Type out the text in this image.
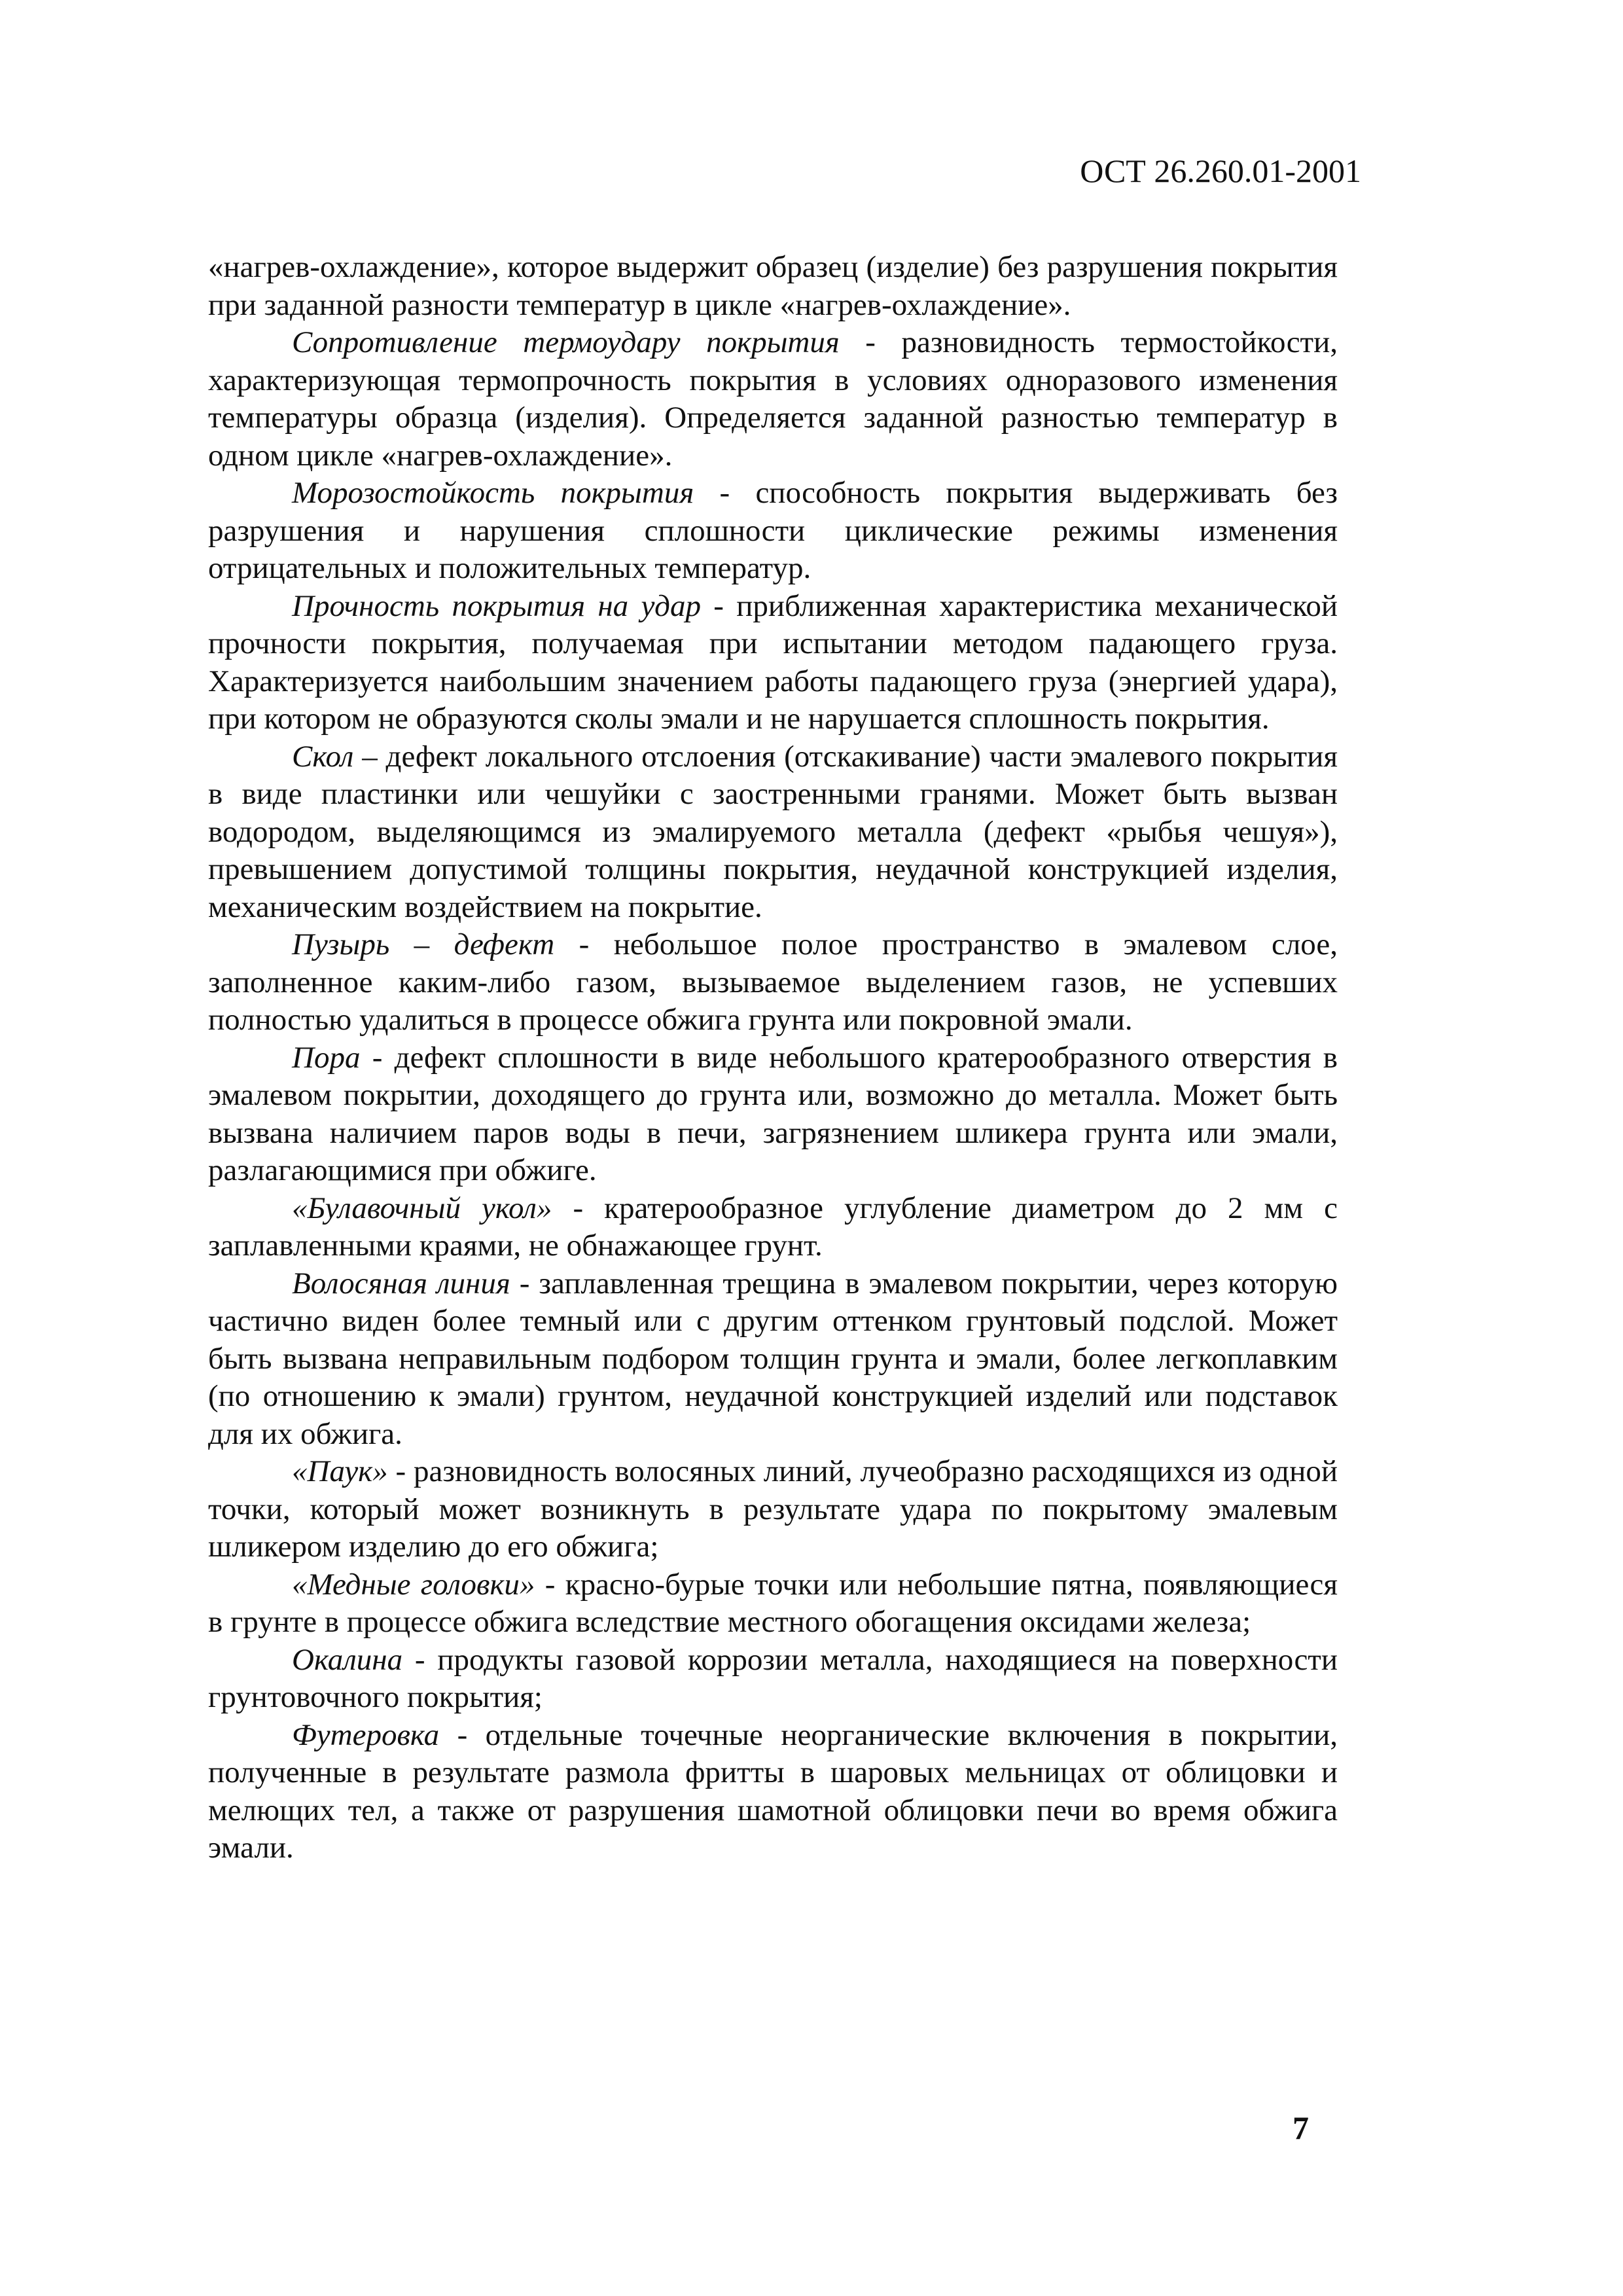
ОСТ 26.260.01-2001

«нагрев-охлаждение», которое выдержит образец (изделие) без разрушения покрытия при заданной разности температур в цикле «нагрев-охлаждение».

Сопротивление термоудару покрытия - разновидность термостойкости, характеризующая термопрочность покрытия в условиях одноразового изменения температуры образца (изделия). Определяется заданной разностью температур в одном цикле «нагрев-охлаждение».

Морозостойкость покрытия - способность покрытия выдерживать без разрушения и нарушения сплошности циклические режимы изменения отрицательных и положительных температур.

Прочность покрытия на удар - приближенная характеристика механической прочности покрытия, получаемая при испытании методом падающего груза. Характеризуется наибольшим значением работы падающего груза (энергией удара), при котором не образуются сколы эмали и не нарушается сплошность покрытия.

Скол – дефект локального отслоения (отскакивание) части эмалевого покрытия в виде пластинки или чешуйки с заостренными гранями. Может быть вызван водородом, выделяющимся из эмалируемого металла (дефект «рыбья чешуя»), превышением допустимой толщины покрытия, неудачной конструкцией изделия, механическим воздействием на покрытие.

Пузырь – дефект - небольшое полое пространство в эмалевом слое, заполненное каким-либо газом, вызываемое выделением газов, не успевших полностью удалиться в процессе обжига грунта или покровной эмали.

Пора - дефект сплошности в виде небольшого кратерообразного отверстия в эмалевом покрытии, доходящего до грунта или, возможно до металла. Может быть вызвана наличием паров воды в печи, загрязнением шликера грунта или эмали, разлагающимися при обжиге.

«Булавочный укол» - кратерообразное углубление диаметром до 2 мм с заплавленными краями, не обнажающее грунт.

Волосяная линия - заплавленная трещина в эмалевом покрытии, через которую частично виден более темный или с другим оттенком грунтовый подслой. Может быть вызвана неправильным подбором толщин грунта и эмали, более легкоплавким (по отношению к эмали) грунтом, неудачной конструкцией изделий или подставок для их обжига.

«Паук» - разновидность волосяных линий, лучеобразно расходящихся из одной точки, который может возникнуть в результате удара по покрытому эмалевым шликером изделию до его обжига;

«Медные головки» - красно-бурые точки или небольшие пятна, появляющиеся в грунте в процессе обжига вследствие местного обогащения оксидами железа;

Окалина - продукты газовой коррозии металла, находящиеся на поверхности грунтовочного покрытия;

Футеровка - отдельные точечные неорганические включения в покрытии, полученные в результате размола фритты в шаровых мельницах от облицовки и мелющих тел, а также от разрушения шамотной облицовки печи во время обжига эмали.

7
